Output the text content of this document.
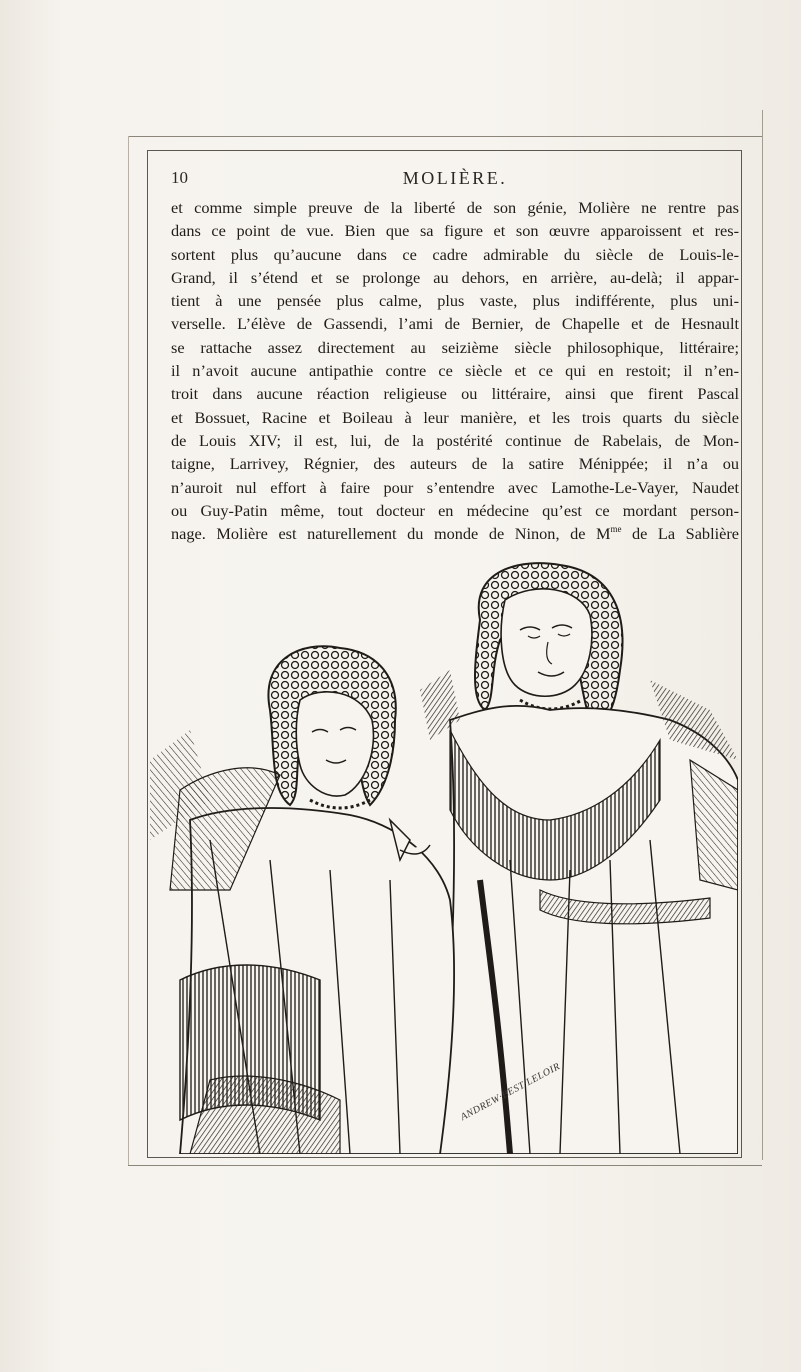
10	MOLIÈRE.
et comme simple preuve de la liberté de son génie, Molière ne rentre pas
dans ce point de vue. Bien que sa figure et son œuvre apparoissent et res-
sortent plus qu’aucune dans ce cadre admirable du siècle de Louis-le-
Grand, il s’étend et se prolonge au dehors, en arrière, au-delà; il appar-
tient à une pensée plus calme, plus vaste, plus indifférente, plus uni-
verselle. L’élève de Gassendi, l’ami de Bernier, de Chapelle et de Hesnault
se rattache assez directement au seizième siècle philosophique, littéraire;
il n’avoit aucune antipathie contre ce siècle et ce qui en restoit; il n’en-
troit dans aucune réaction religieuse ou littéraire, ainsi que firent Pascal
et Bossuet, Racine et Boileau à leur manière, et les trois quarts du siècle
de Louis XIV; il est, lui, de la postérité continue de Rabelais, de Mon-
taigne, Larrivey, Régnier, des auteurs de la satire Ménippée; il n’a ou
n’auroit nul effort à faire pour s’entendre avec Lamothe-Le-Vayer, Naudet
ou Guy-Patin même, tout docteur en médecine qu’est ce mordant person-
nage. Molière est naturellement du monde de Ninon, de $M^{me}$ de La Sablière
ANDREW·BEST·LELOIR
